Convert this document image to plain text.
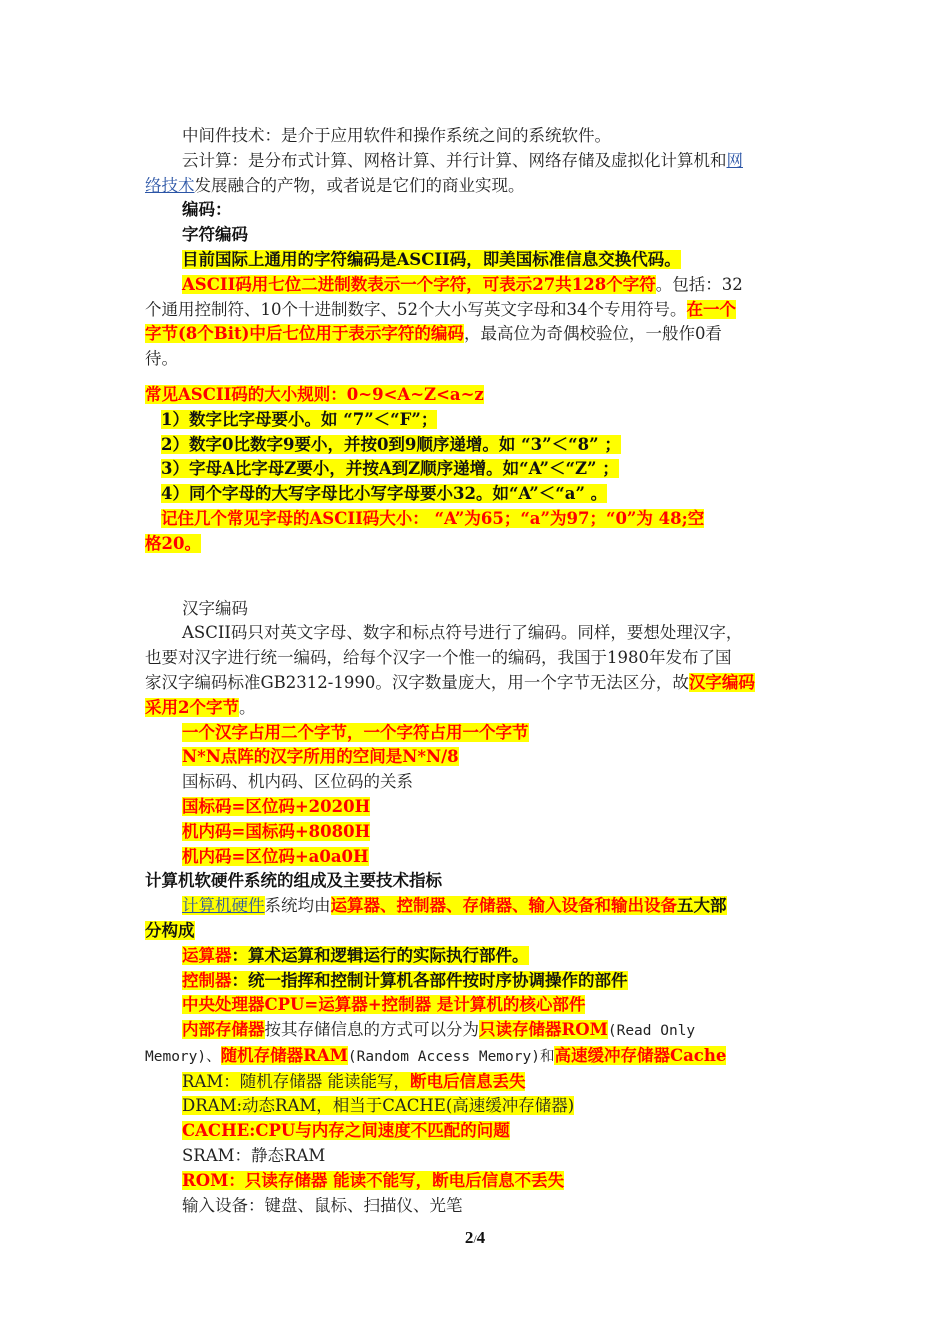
中间件技术：是介于应用软件和操作系统之间的系统软件。

云计算：是分布式计算、网格计算、并行计算、网络存储及虚拟化计算机和网

络技术发展融合的产物，或者说是它们的商业实现。

编码：

字符编码

目前国际上通用的字符编码是ASCII码，即美国标准信息交换代码。

ASCII码用七位二进制数表示一个字符，可表示27共128个字符。包括：32

个通用控制符、10个十进制数字、52个大小写英文字母和34个专用符号。在一个

字节(8个Bit)中后七位用于表示字符的编码，最高位为奇偶校验位，一般作0看

待。

常见ASCII码的大小规则：0~9<A~Z<a~z

1）数字比字母要小。如 “7”＜“F”；

2）数字0比数字9要小，并按0到9顺序递增。如 “3”＜“8” ；

3）字母A比字母Z要小，并按A到Z顺序递增。如“A”＜“Z” ；

4）同个字母的大写字母比小写字母要小32。如“A”＜“a” 。

记住几个常见字母的ASCII码大小： “A”为65；“a”为97；“0”为 48;空

格20。

汉字编码

ASCII码只对英文字母、数字和标点符号进行了编码。同样，要想处理汉字，

也要对汉字进行统一编码，给每个汉字一个惟一的编码，我国于1980年发布了国

家汉字编码标准GB2312-1990。汉字数量庞大，用一个字节无法区分，故汉字编码

采用2个字节。

一个汉字占用二个字节，一个字符占用一个字节

N*N点阵的汉字所用的空间是N*N/8

国标码、机内码、区位码的关系

国标码=区位码+2020H

机内码=国标码+8080H

机内码=区位码+a0a0H

计算机软硬件系统的组成及主要技术指标

计算机硬件系统均由运算器、控制器、存储器、输入设备和输出设备五大部

分构成

运算器：算术运算和逻辑运行的实际执行部件。

控制器：统一指挥和控制计算机各部件按时序协调操作的部件

中央处理器CPU=运算器+控制器 是计算机的核心部件

内部存储器按其存储信息的方式可以分为只读存储器ROM(Read Only

Memory)、随机存储器RAM(Random Access Memory)和高速缓冲存储器Cache

RAM：随机存储器 能读能写，断电后信息丢失

DRAM:动态RAM，相当于CACHE(高速缓冲存储器)

CACHE:CPU与内存之间速度不匹配的问题

SRAM：静态RAM

ROM：只读存储器 能读不能写，断电后信息不丢失

输入设备：键盘、鼠标、扫描仪、光笔

2/4
